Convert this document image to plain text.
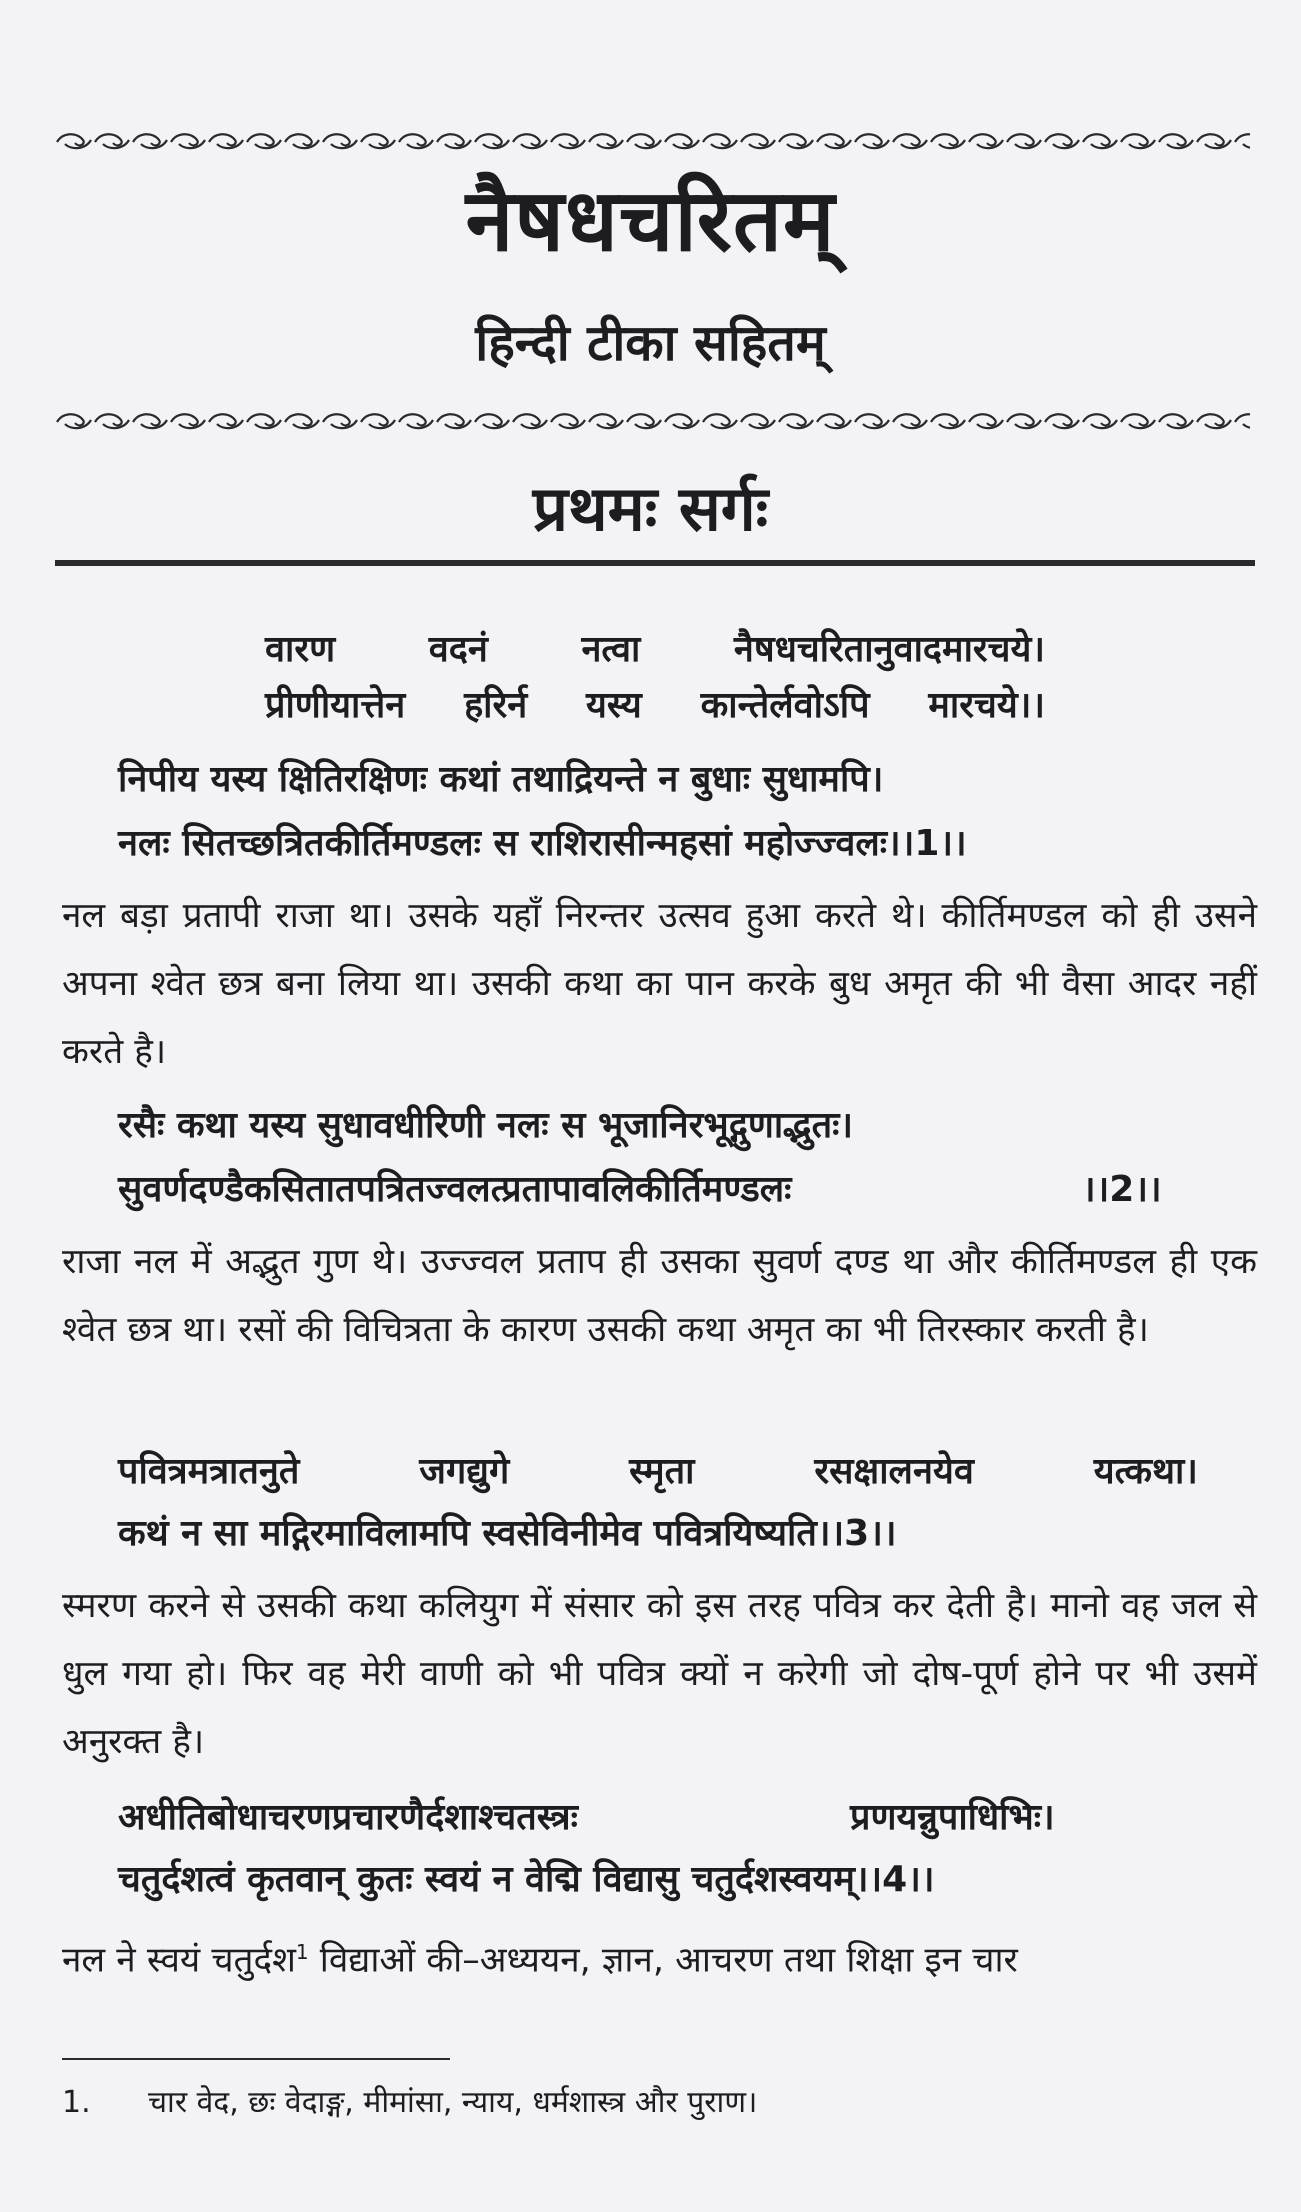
नैषधचरितम्
हिन्दी टीका सहितम्
प्रथमः सर्गः
वारण	वदनं	नत्वा	नैषधचरितानुवादमारचये।
प्रीणीयात्तेन हरिर्न यस्य कान्तेर्लवोऽपि मारचये।।
निपीय यस्य क्षितिरक्षिणः कथां तथाद्रियन्ते न बुधाः सुधामपि।
नलः सितच्छत्रितकीर्तिमण्डलः स राशिरासीन्महसां महोज्ज्वलः।।1।।
नल बड़ा प्रतापी राजा था। उसके यहाँ निरन्तर उत्सव हुआ करते थे। कीर्तिमण्डल को ही उसने अपना श्वेत छत्र बना लिया था। उसकी कथा का पान करके बुध अमृत की भी वैसा आदर नहीं करते है।
रसैः कथा यस्य सुधावधीरिणी नलः स भूजानिरभूद्गुणाद्भुतः।
सुवर्णदण्डैकसितातपत्रितज्वलत्प्रतापावलिकीर्तिमण्डलः	।।2।।
राजा नल में अद्भुत गुण थे। उज्ज्वल प्रताप ही उसका सुवर्ण दण्ड था और कीर्तिमण्डल ही एक श्वेत छत्र था। रसों की विचित्रता के कारण उसकी कथा अमृत का भी तिरस्कार करती है।
पवित्रमत्रातनुते	जगद्युगे	स्मृता	रसक्षालनयेव	यत्कथा।
कथं न सा मद्गिरमाविलामपि स्वसेविनीमेव पवित्रयिष्यति।।3।।
स्मरण करने से उसकी कथा कलियुग में संसार को इस तरह पवित्र कर देती है। मानो वह जल से धुल गया हो। फिर वह मेरी वाणी को भी पवित्र क्यों न करेगी जो दोष-पूर्ण होने पर भी उसमें अनुरक्त है।
अधीतिबोधाचरणप्रचारणैर्दशाश्चतस्त्रः	प्रणयन्नुपाधिभिः।
चतुर्दशत्वं कृतवान् कुतः स्वयं न वेद्मि विद्यासु चतुर्दशस्वयम्।।4।।
नल ने स्वयं चतुर्दश$^1$ विद्याओं की–अध्ययन, ज्ञान, आचरण तथा शिक्षा इन चार
1. चार वेद, छः वेदाङ्ग, मीमांसा, न्याय, धर्मशास्त्र और पुराण।
